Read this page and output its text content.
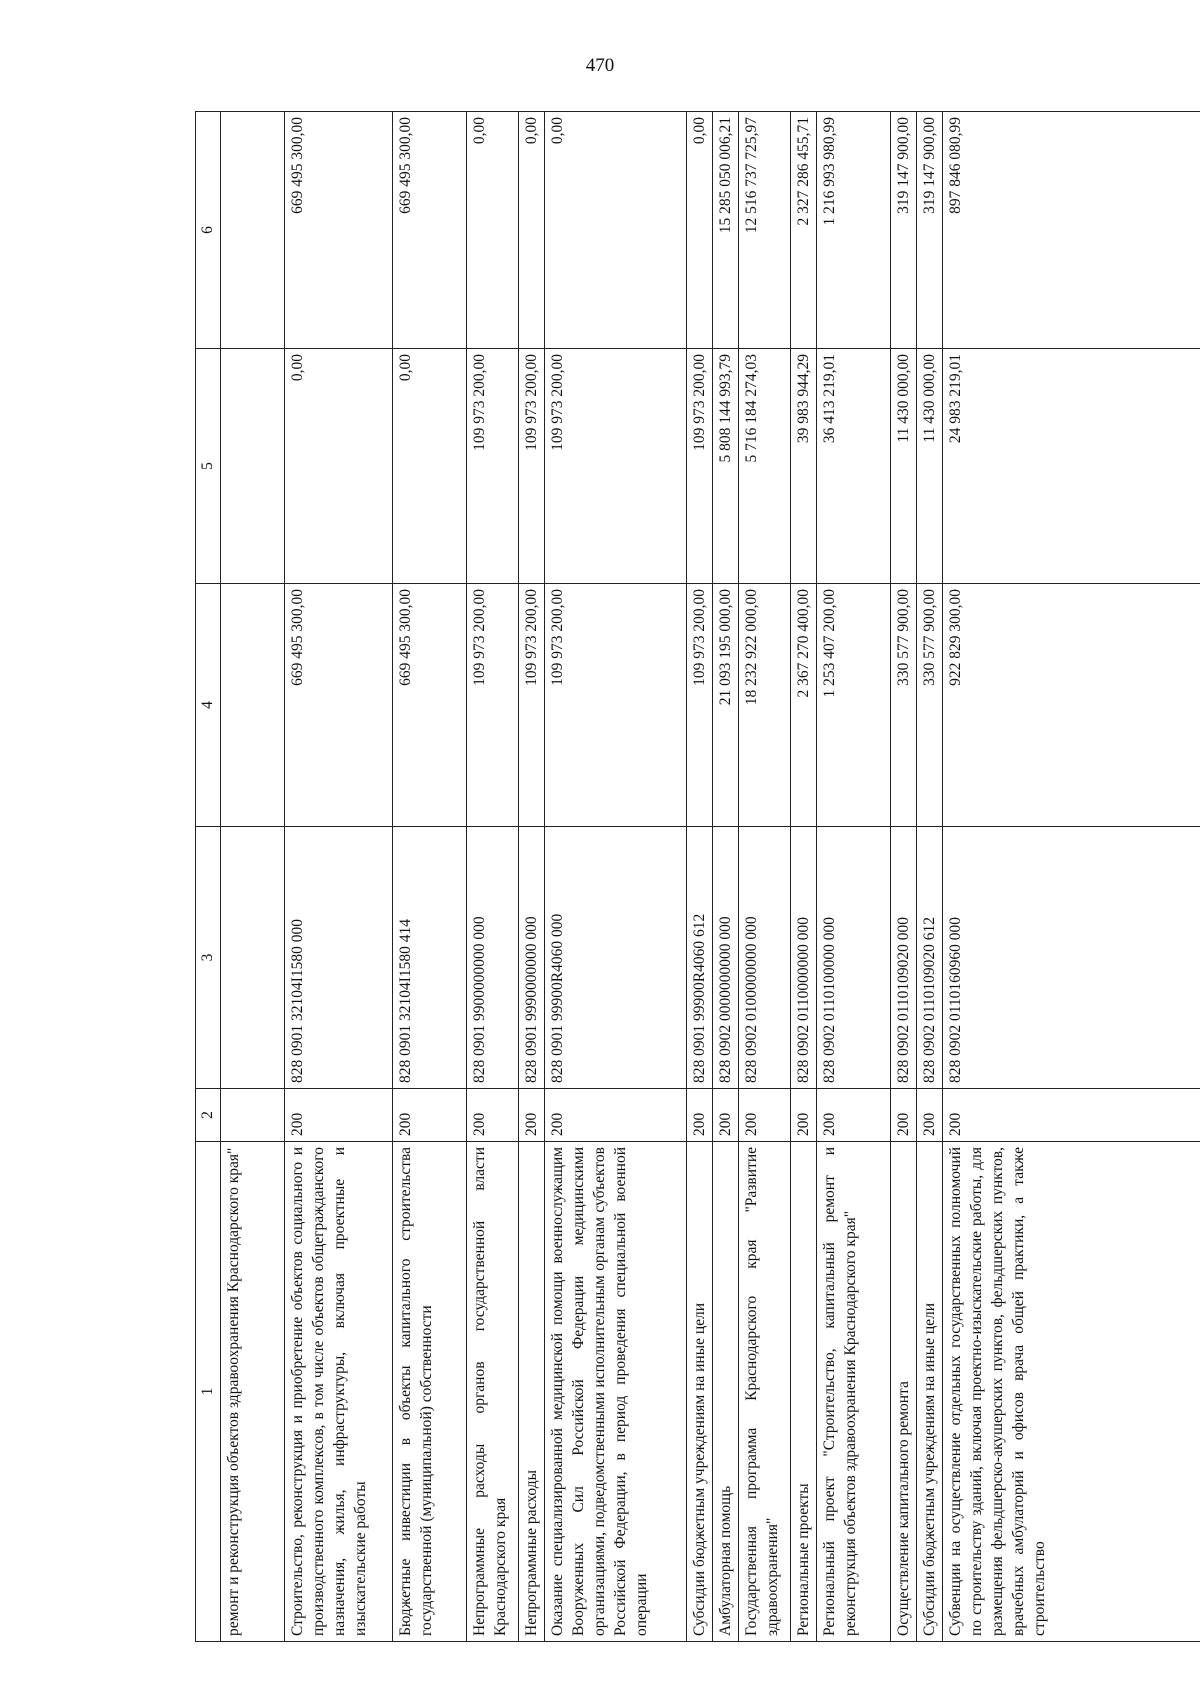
470
1	2	3	4	5	6
ремонт и реконструкция объектов здравоохранения Краснодарского края"					
Строительство, реконструкция и приобретение объектов социального и производственного комплексов, в том числе объектов общегражданского назначения, жилья, инфраструктуры, включая проектные и изыскательские работы	200	828 0901 32104I1580 000	669 495 300,00	0,00	669 495 300,00
Бюджетные инвестиции в объекты капитального строительства государственной (муниципальной) собственности	200	828 0901 32104I1580 414	669 495 300,00	0,00	669 495 300,00
Непрограммные расходы органов государственной власти Краснодарского края	200	828 0901 9900000000 000	109 973 200,00	109 973 200,00	0,00
Непрограммные расходы	200	828 0901 9990000000 000	109 973 200,00	109 973 200,00	0,00
Оказание специализированной медицинской помощи военнослужащим Вооруженных Сил Российской Федерации медицинскими организациями, подведомственными исполнительным органам субъектов Российской Федерации, в период проведения специальной военной операции	200	828 0901 99900R4060 000	109 973 200,00	109 973 200,00	0,00
Субсидии бюджетным учреждениям на иные цели	200	828 0901 99900R4060 612	109 973 200,00	109 973 200,00	0,00
Амбулаторная помощь	200	828 0902 0000000000 000	21 093 195 000,00	5 808 144 993,79	15 285 050 006,21
Государственная программа Краснодарского края "Развитие здравоохранения"	200	828 0902 0100000000 000	18 232 922 000,00	5 716 184 274,03	12 516 737 725,97
Региональные проекты	200	828 0902 0110000000 000	2 367 270 400,00	39 983 944,29	2 327 286 455,71
Региональный проект "Строительство, капитальный ремонт и реконструкция объектов здравоохранения Краснодарского края"	200	828 0902 0110100000 000	1 253 407 200,00	36 413 219,01	1 216 993 980,99
Осуществление капитального ремонта	200	828 0902 0110109020 000	330 577 900,00	11 430 000,00	319 147 900,00
Субсидии бюджетным учреждениям на иные цели	200	828 0902 0110109020 612	330 577 900,00	11 430 000,00	319 147 900,00
Субвенции на осуществление отдельных государственных полномочий по строительству зданий, включая проектно-изыскательские работы, для размещения фельдшерско-акушерских пунктов, фельдшерских пунктов, врачебных амбулаторий и офисов врача общей практики, а также строительство	200	828 0902 0110160960 000	922 829 300,00	24 983 219,01	897 846 080,99
